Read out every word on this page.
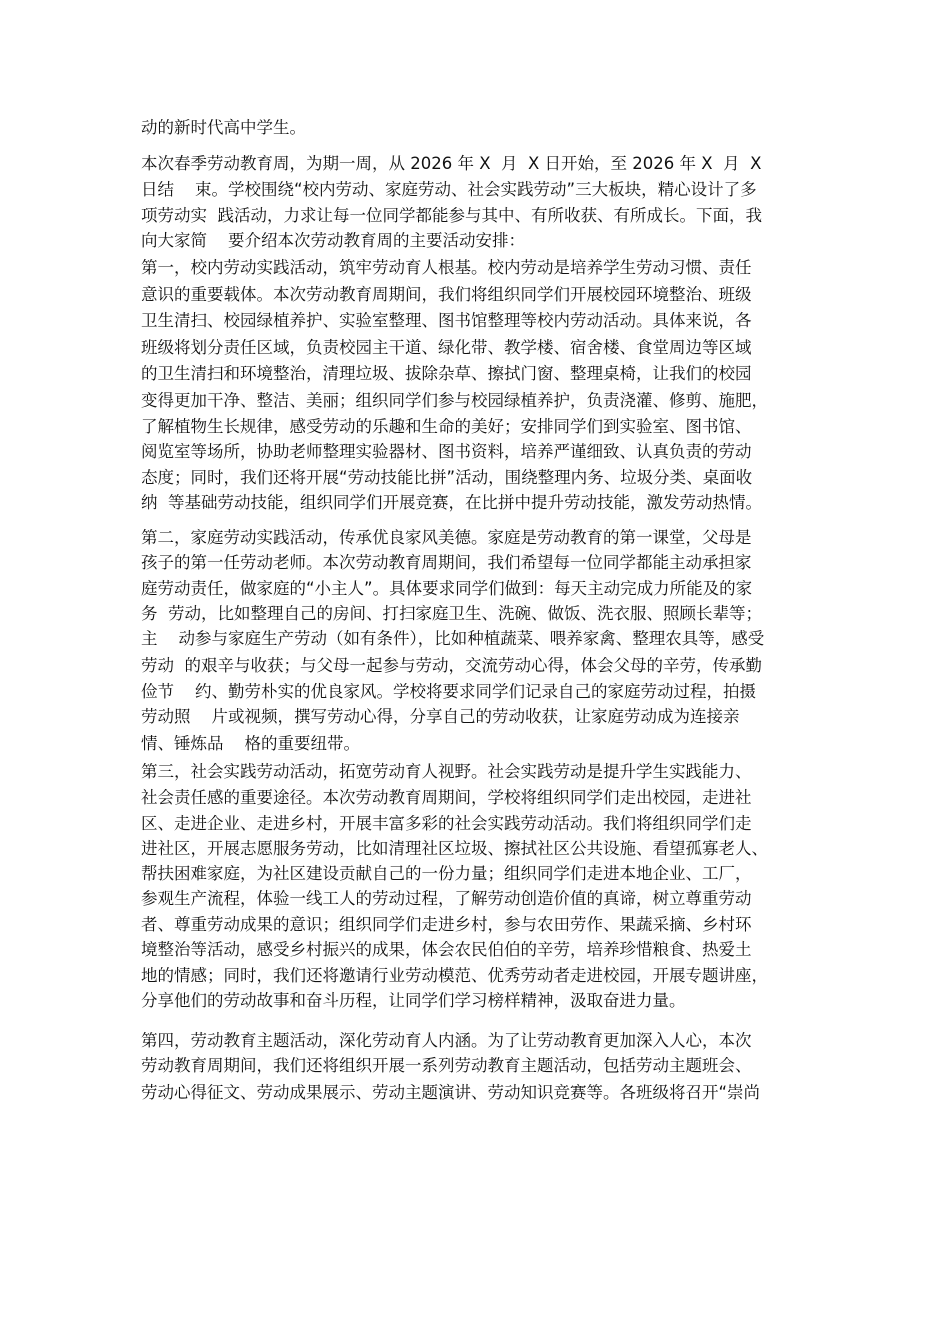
动的新时代高中学生。
本次春季劳动教育周，为期一周，从 2026 年 X  月  X 日开始，至 2026 年 X  月  X
日结    束。学校围绕“校内劳动、家庭劳动、社会实践劳动”三大板块，精心设计了多
项劳动实  践活动，力求让每一位同学都能参与其中、有所收获、有所成长。下面，我
向大家简    要介绍本次劳动教育周的主要活动安排：
第一，校内劳动实践活动，筑牢劳动育人根基。校内劳动是培养学生劳动习惯、责任
意识的重要载体。本次劳动教育周期间，我们将组织同学们开展校园环境整治、班级
卫生清扫、校园绿植养护、实验室整理、图书馆整理等校内劳动活动。具体来说，各
班级将划分责任区域，负责校园主干道、绿化带、教学楼、宿舍楼、食堂周边等区域
的卫生清扫和环境整治，清理垃圾、拔除杂草、擦拭门窗、整理桌椅，让我们的校园
变得更加干净、整洁、美丽；组织同学们参与校园绿植养护，负责浇灌、修剪、施肥，
了解植物生长规律，感受劳动的乐趣和生命的美好；安排同学们到实验室、图书馆、
阅览室等场所，协助老师整理实验器材、图书资料，培养严谨细致、认真负责的劳动
态度；同时，我们还将开展“劳动技能比拼”活动，围绕整理内务、垃圾分类、桌面收
纳  等基础劳动技能，组织同学们开展竞赛，在比拼中提升劳动技能，激发劳动热情。
第二，家庭劳动实践活动，传承优良家风美德。家庭是劳动教育的第一课堂，父母是
孩子的第一任劳动老师。本次劳动教育周期间，我们希望每一位同学都能主动承担家
庭劳动责任，做家庭的“小主人”。具体要求同学们做到：每天主动完成力所能及的家
务  劳动，比如整理自己的房间、打扫家庭卫生、洗碗、做饭、洗衣服、照顾长辈等；
主    动参与家庭生产劳动（如有条件），比如种植蔬菜、喂养家禽、整理农具等，感受
劳动  的艰辛与收获；与父母一起参与劳动，交流劳动心得，体会父母的辛劳，传承勤
俭节    约、勤劳朴实的优良家风。学校将要求同学们记录自己的家庭劳动过程，拍摄
劳动照    片或视频，撰写劳动心得，分享自己的劳动收获，让家庭劳动成为连接亲
情、锤炼品    格的重要纽带。
第三，社会实践劳动活动，拓宽劳动育人视野。社会实践劳动是提升学生实践能力、
社会责任感的重要途径。本次劳动教育周期间，学校将组织同学们走出校园，走进社
区、走进企业、走进乡村，开展丰富多彩的社会实践劳动活动。我们将组织同学们走
进社区，开展志愿服务劳动，比如清理社区垃圾、擦拭社区公共设施、看望孤寡老人、
帮扶困难家庭，为社区建设贡献自己的一份力量；组织同学们走进本地企业、工厂，
参观生产流程，体验一线工人的劳动过程，了解劳动创造价值的真谛，树立尊重劳动
者、尊重劳动成果的意识；组织同学们走进乡村，参与农田劳作、果蔬采摘、乡村环
境整治等活动，感受乡村振兴的成果，体会农民伯伯的辛劳，培养珍惜粮食、热爱土
地的情感；同时，我们还将邀请行业劳动模范、优秀劳动者走进校园，开展专题讲座，
分享他们的劳动故事和奋斗历程，让同学们学习榜样精神，汲取奋进力量。
第四，劳动教育主题活动，深化劳动育人内涵。为了让劳动教育更加深入人心，本次
劳动教育周期间，我们还将组织开展一系列劳动教育主题活动，包括劳动主题班会、
劳动心得征文、劳动成果展示、劳动主题演讲、劳动知识竞赛等。各班级将召开“崇尚
